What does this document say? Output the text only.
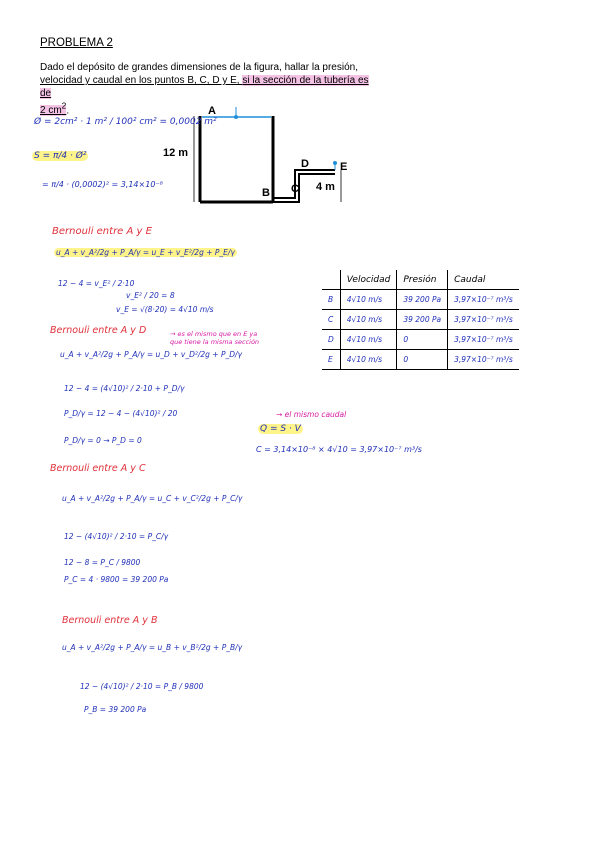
PROBLEMA 2
Dado el depósito de grandes dimensiones de la figura, hallar la presión, velocidad y caudal en los puntos B, C, D y E, si la sección de la tubería es de
2 $cm^2$.	A
B C
D	E
12 m
4 m
Ø = 2cm² · 1 m² / 100² cm² = 0,0002 m²
S = π/4 · Ø²
= π/4 · (0,0002)² = 3,14×10⁻⁸
Bernouli entre A y E
u_A + v_A²/2g + P_A/γ = u_E + v_E²/2g + P_E/γ
12 − 4 = v_E² / 2·10
v_E² / 20 = 8
v_E = √(8·20) = 4√10 m/s
Bernouli entre A y D	→ es el mismo que en E ya que tiene la misma sección
u_A + v_A²/2g + P_A/γ = u_D + v_D²/2g + P_D/γ
12 − 4 = (4√10)² / 2·10 + P_D/γ
P_D/γ = 12 − 4 − (4√10)² / 20
P_D/γ = 0 → P_D = 0
→ el mismo caudal
Q = S · V
C = 3,14×10⁻⁸ × 4√10 = 3,97×10⁻⁷ m³/s
Bernouli entre A y C
u_A + v_A²/2g + P_A/γ = u_C + v_C²/2g + P_C/γ
12 − (4√10)² / 2·10 = P_C/γ
12 − 8 = P_C / 9800
P_C = 4 · 9800 = 39 200 Pa
Bernouli entre A y B
u_A + v_A²/2g + P_A/γ = u_B + v_B²/2g + P_B/γ
12 − (4√10)² / 2·10 = P_B / 9800
P_B = 39 200 Pa
	Velocidad	Presión	Caudal
B	4√10 m/s	39 200 Pa	3,97×10⁻⁷ m³/s
C	4√10 m/s	39 200 Pa	3,97×10⁻⁷ m³/s
D	4√10 m/s	0	3,97×10⁻⁷ m³/s
E	4√10 m/s	0	3,97×10⁻⁷ m³/s
